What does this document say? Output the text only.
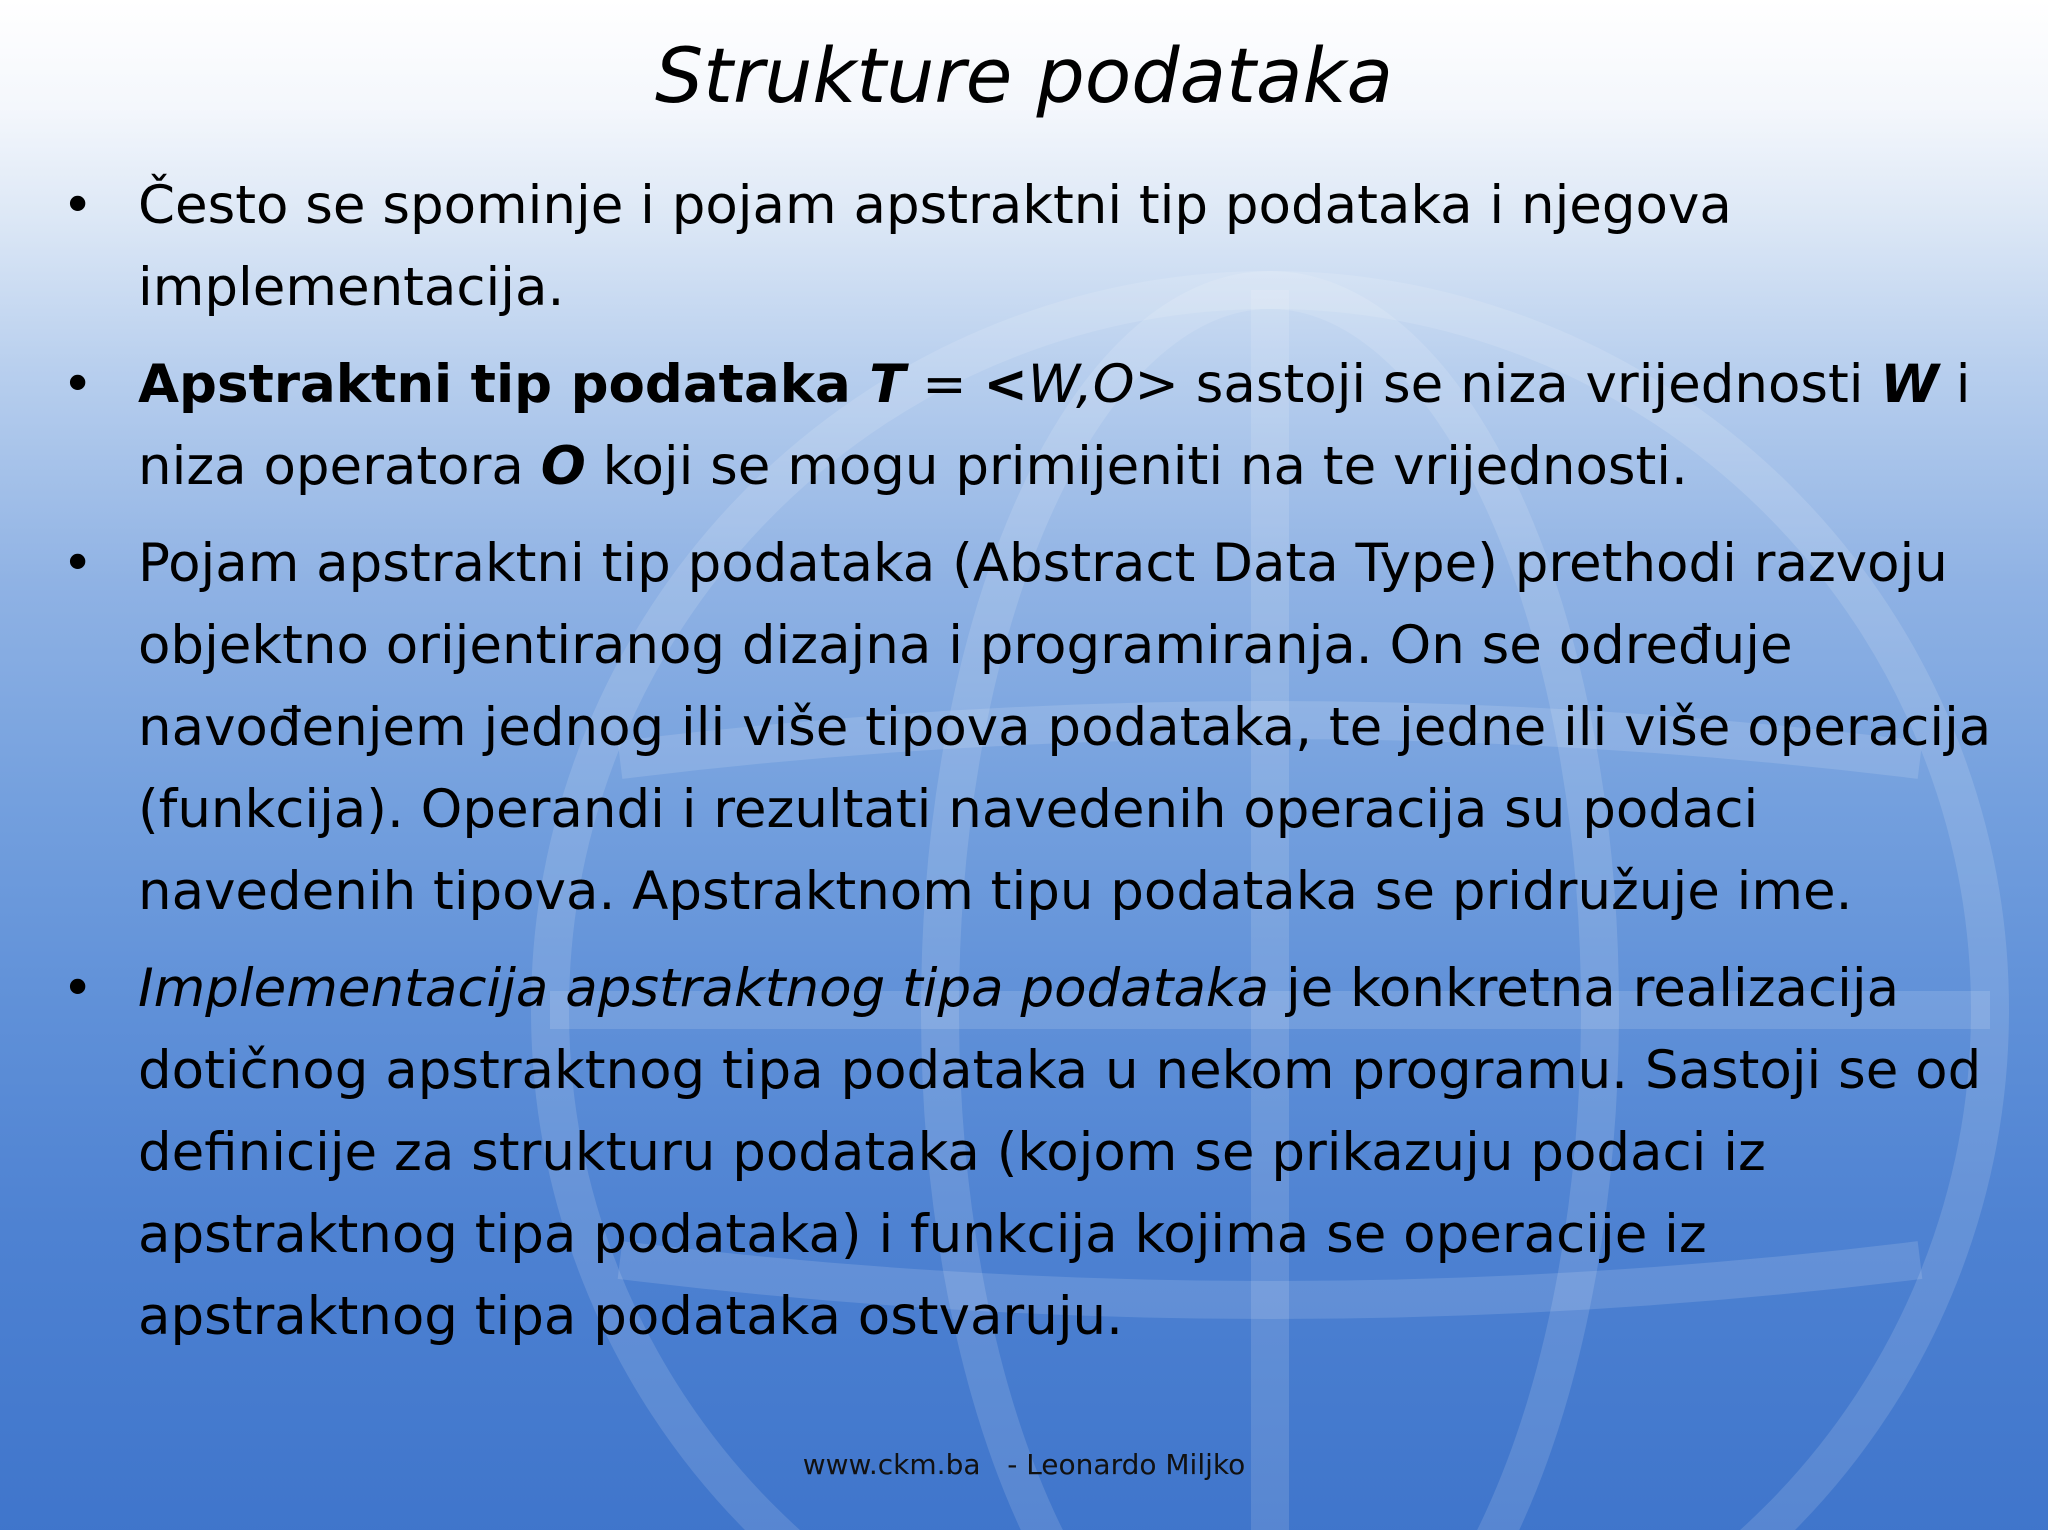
Strukture podataka
• Često se spominje i pojam apstraktni tip podataka i njegova implementacija.
• Apstraktni tip podataka T = <W,O> sastoji se niza vrijednosti W i niza operatora O koji se mogu primijeniti na te vrijednosti.
• Pojam apstraktni tip podataka (Abstract Data Type) prethodi razvoju objektno orijentiranog dizajna i programiranja. On se određuje navođenjem jednog ili više tipova podataka, te jedne ili više operacija (funkcija). Operandi i rezultati navedenih operacija su podaci navedenih tipova. Apstraktnom tipu podataka se pridružuje ime.
• Implementacija apstraktnog tipa podataka je konkretna realizacija dotičnog apstraktnog tipa podataka u nekom programu. Sastoji se od definicije za strukturu podataka (kojom se prikazuju podaci iz apstraktnog tipa podataka) i funkcija kojima se operacije iz apstraktnog tipa podataka ostvaruju.
www.ckm.ba   - Leonardo Miljko
